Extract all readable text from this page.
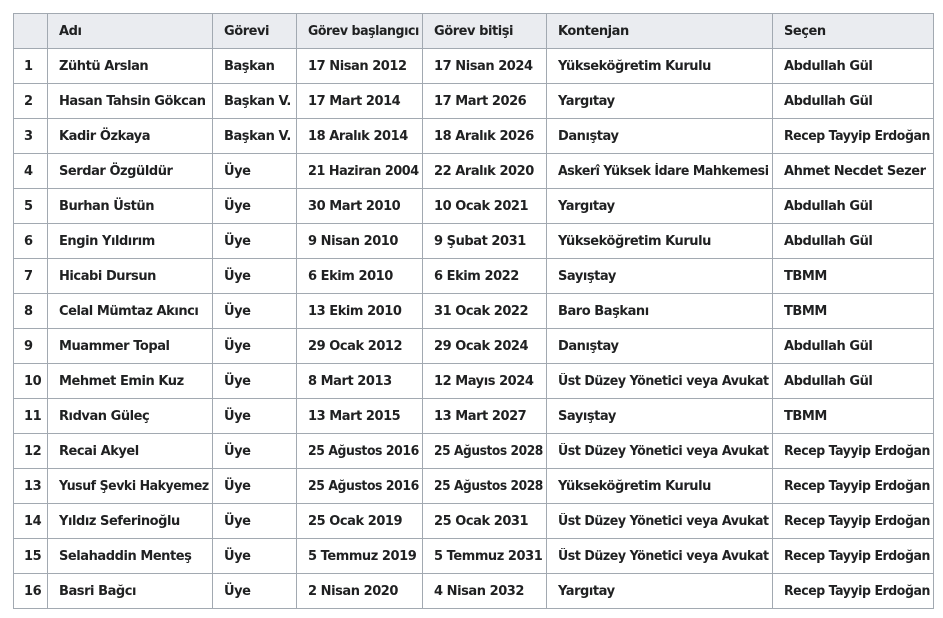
	Adı	Görevi	Görev başlangıcı	Görev bitişi	Kontenjan	Seçen
1	Zühtü Arslan	Başkan	17 Nisan 2012	17 Nisan 2024	Yükseköğretim Kurulu	Abdullah Gül
2	Hasan Tahsin Gökcan	Başkan V.	17 Mart 2014	17 Mart 2026	Yargıtay	Abdullah Gül
3	Kadir Özkaya	Başkan V.	18 Aralık 2014	18 Aralık 2026	Danıştay	Recep Tayyip Erdoğan
4	Serdar Özgüldür	Üye	21 Haziran 2004	22 Aralık 2020	Askerî Yüksek İdare Mahkemesi	Ahmet Necdet Sezer
5	Burhan Üstün	Üye	30 Mart 2010	10 Ocak 2021	Yargıtay	Abdullah Gül
6	Engin Yıldırım	Üye	9 Nisan 2010	9 Şubat 2031	Yükseköğretim Kurulu	Abdullah Gül
7	Hicabi Dursun	Üye	6 Ekim 2010	6 Ekim 2022	Sayıştay	TBMM
8	Celal Mümtaz Akıncı	Üye	13 Ekim 2010	31 Ocak 2022	Baro Başkanı	TBMM
9	Muammer Topal	Üye	29 Ocak 2012	29 Ocak 2024	Danıştay	Abdullah Gül
10	Mehmet Emin Kuz	Üye	8 Mart 2013	12 Mayıs 2024	Üst Düzey Yönetici veya Avukat	Abdullah Gül
11	Rıdvan Güleç	Üye	13 Mart 2015	13 Mart 2027	Sayıştay	TBMM
12	Recai Akyel	Üye	25 Ağustos 2016	25 Ağustos 2028	Üst Düzey Yönetici veya Avukat	Recep Tayyip Erdoğan
13	Yusuf Şevki Hakyemez	Üye	25 Ağustos 2016	25 Ağustos 2028	Yükseköğretim Kurulu	Recep Tayyip Erdoğan
14	Yıldız Seferinoğlu	Üye	25 Ocak 2019	25 Ocak 2031	Üst Düzey Yönetici veya Avukat	Recep Tayyip Erdoğan
15	Selahaddin Menteş	Üye	5 Temmuz 2019	5 Temmuz 2031	Üst Düzey Yönetici veya Avukat	Recep Tayyip Erdoğan
16	Basri Bağcı	Üye	2 Nisan 2020	4 Nisan 2032	Yargıtay	Recep Tayyip Erdoğan
